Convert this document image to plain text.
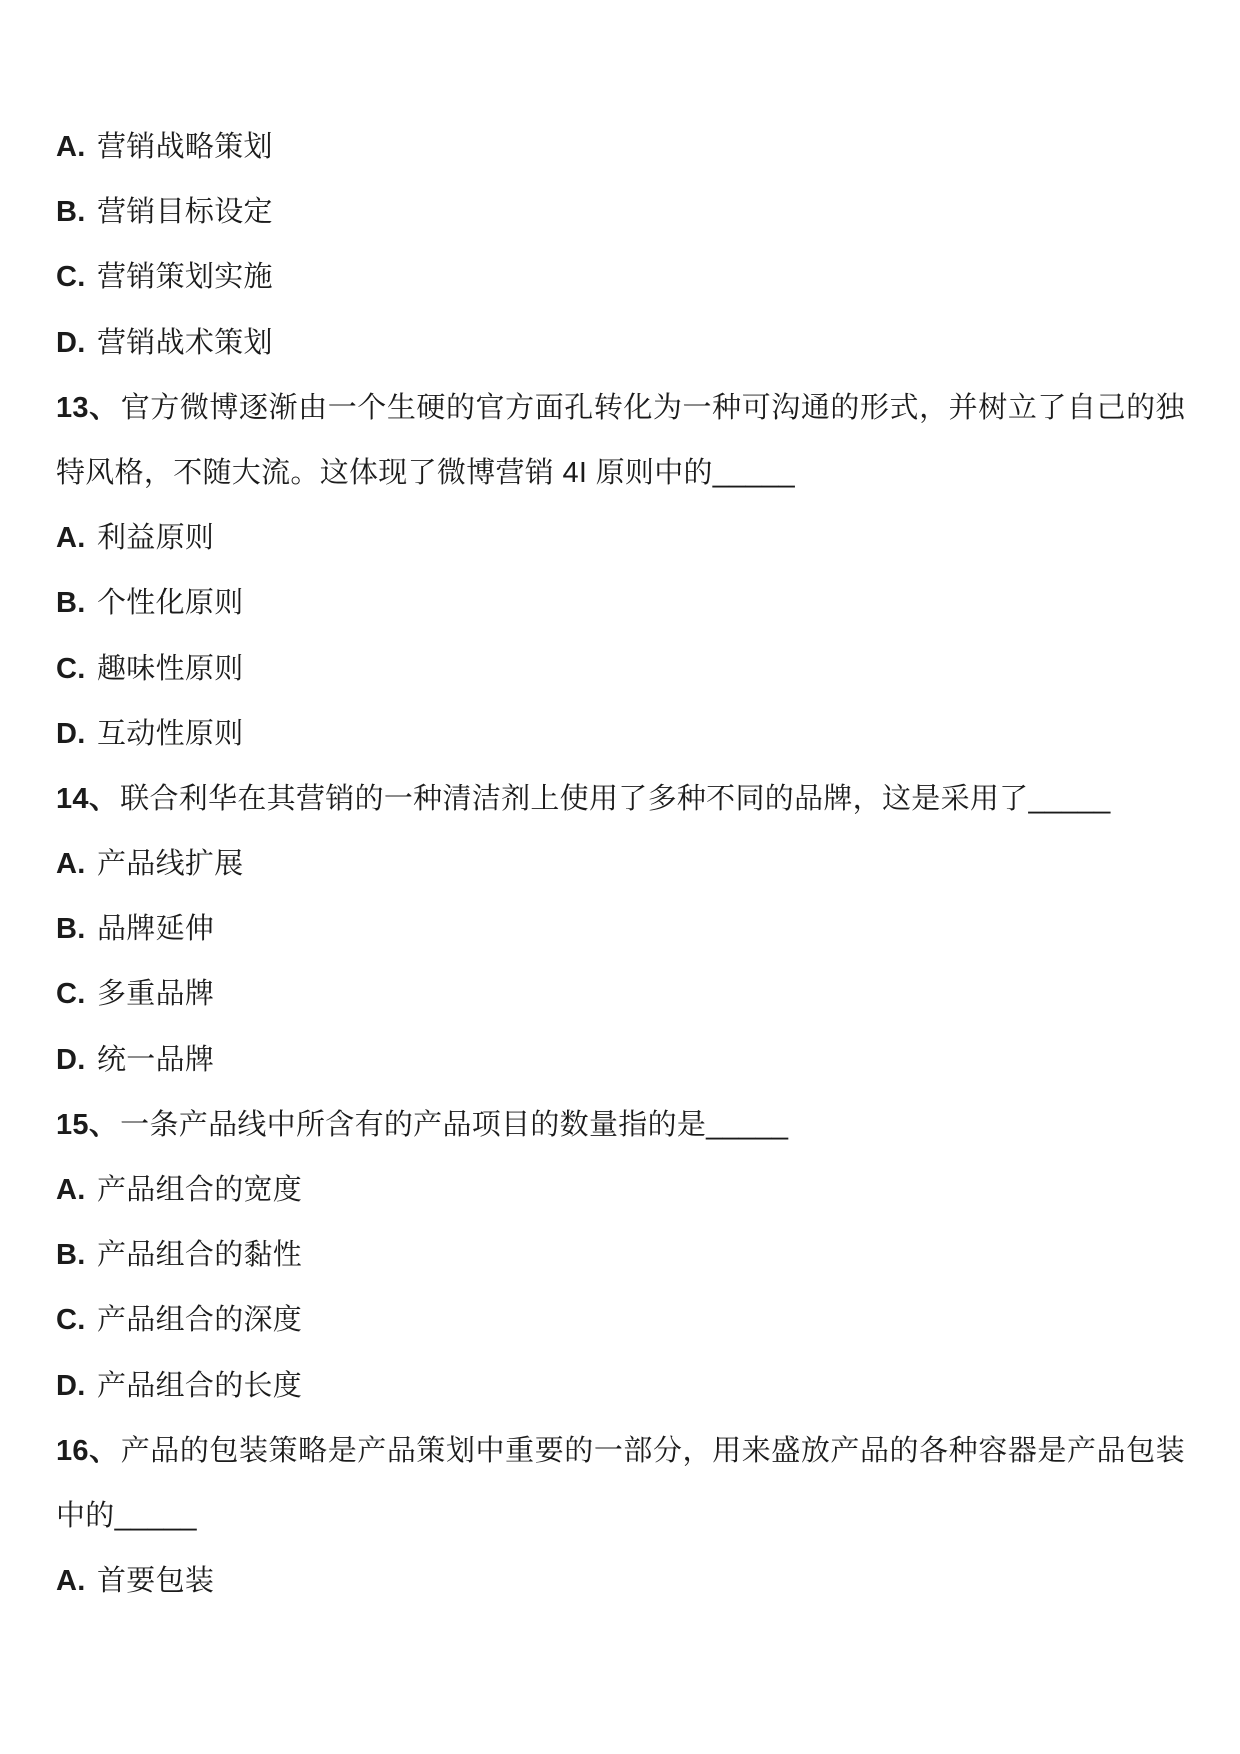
A. 营销战略策划
B. 营销目标设定
C. 营销策划实施
D. 营销战术策划
13、官方微博逐渐由一个生硬的官方面孔转化为一种可沟通的形式，并树立了自己的独
特风格，不随大流。这体现了微博营销 4I 原则中的_____
A. 利益原则
B. 个性化原则
C. 趣味性原则
D. 互动性原则
14、联合利华在其营销的一种清洁剂上使用了多种不同的品牌，这是采用了_____
A. 产品线扩展
B. 品牌延伸
C. 多重品牌
D. 统一品牌
15、一条产品线中所含有的产品项目的数量指的是_____
A. 产品组合的宽度
B. 产品组合的黏性
C. 产品组合的深度
D. 产品组合的长度
16、产品的包装策略是产品策划中重要的一部分，用来盛放产品的各种容器是产品包装
中的_____
A. 首要包装
